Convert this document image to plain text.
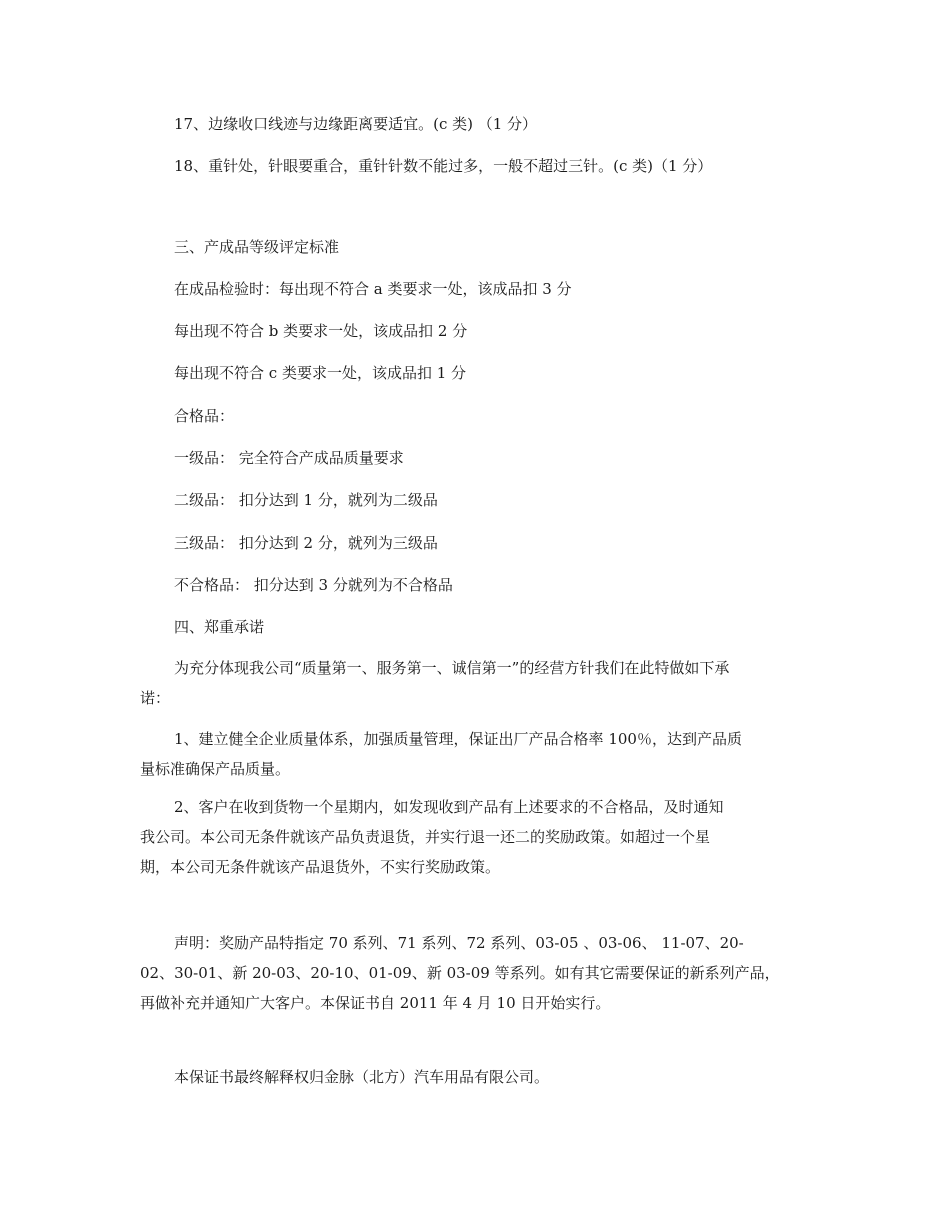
17、边缘收口线迹与边缘距离要适宜。(c 类) （1 分）
18、重针处，针眼要重合，重针针数不能过多，一般不超过三针。(c 类)（1 分）
三、产成品等级评定标准
在成品检验时：每出现不符合 a 类要求一处，该成品扣 3 分
每出现不符合 b 类要求一处，该成品扣 2 分
每出现不符合 c 类要求一处，该成品扣 1 分
合格品：
一级品： 完全符合产成品质量要求
二级品： 扣分达到 1 分，就列为二级品
三级品： 扣分达到 2 分，就列为三级品
不合格品： 扣分达到 3 分就列为不合格品
四、郑重承诺
为充分体现我公司“质量第一、服务第一、诚信第一”的经营方针我们在此特做如下承
诺：
1、建立健全企业质量体系，加强质量管理，保证出厂产品合格率 100％，达到产品质
量标准确保产品质量。
2、客户在收到货物一个星期内，如发现收到产品有上述要求的不合格品，及时通知
我公司。本公司无条件就该产品负责退货，并实行退一还二的奖励政策。如超过一个星
期，本公司无条件就该产品退货外，不实行奖励政策。
声明：奖励产品特指定 70 系列、71 系列、72 系列、03-05 、03-06、 11-07、20-
02、30-01、新 20-03、20-10、01-09、新 03-09 等系列。如有其它需要保证的新系列产品，
再做补充并通知广大客户。本保证书自 2011 年 4 月 10 日开始实行。
本保证书最终解释权归金脉（北方）汽车用品有限公司。
